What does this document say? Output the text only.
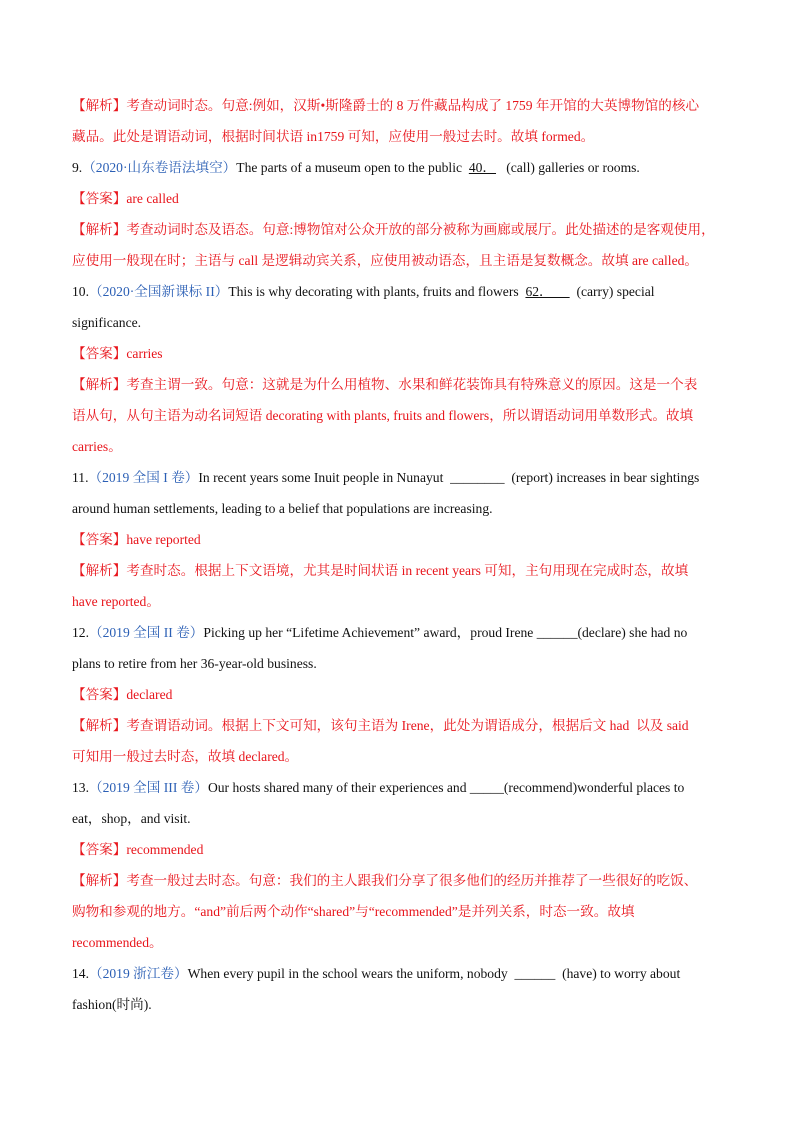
【解析】考查动词时态。句意:例如，汉斯•斯隆爵士的 8 万件藏品构成了 1759 年开馆的大英博物馆的核心
藏品。此处是谓语动词，根据时间状语 in1759 可知，应使用一般过去时。故填 formed。
9.（2020·山东卷语法填空）The parts of a museum open to the public  40．   (call) galleries or rooms.
【答案】are called
【解析】考查动词时态及语态。句意:博物馆对公众开放的部分被称为画廊或展厅。此处描述的是客观使用，
应使用一般现在时；主语与 call 是逻辑动宾关系，应使用被动语态，且主语是复数概念。故填 are called。
10.（2020·全国新课标 II）This is why decorating with plants, fruits and flowers  62．       (carry) special
significance.
【答案】carries
【解析】考查主谓一致。句意：这就是为什么用植物、水果和鲜花装饰具有特殊意义的原因。这是一个表
语从句，从句主语为动名词短语 decorating with plants, fruits and flowers，所以谓语动词用单数形式。故填
carries。
11.（2019 全国 I 卷）In recent years some Inuit people in Nunayut  ________  (report) increases in bear sightings
around human settlements, leading to a belief that populations are increasing.
【答案】have reported
【解析】考查时态。根据上下文语境，尤其是时间状语 in recent years 可知，主句用现在完成时态，故填
have reported。
12.（2019 全国 II 卷）Picking up her “Lifetime Achievement” award，proud Irene ______(declare) she had no
plans to retire from her 36-year-old business.
【答案】declared
【解析】考查谓语动词。根据上下文可知，该句主语为 Irene，此处为谓语成分，根据后文 had  以及 said
可知用一般过去时态，故填 declared。
13.（2019 全国 III 卷）Our hosts shared many of their experiences and _____(recommend)wonderful places to
eat，shop，and visit.
【答案】recommended
【解析】考查一般过去时态。句意：我们的主人跟我们分享了很多他们的经历并推荐了一些很好的吃饭、
购物和参观的地方。“and”前后两个动作“shared”与“recommended”是并列关系，时态一致。故填
recommended。
14.（2019 浙江卷）When every pupil in the school wears the uniform, nobody  ______  (have) to worry about
fashion(时尚).
